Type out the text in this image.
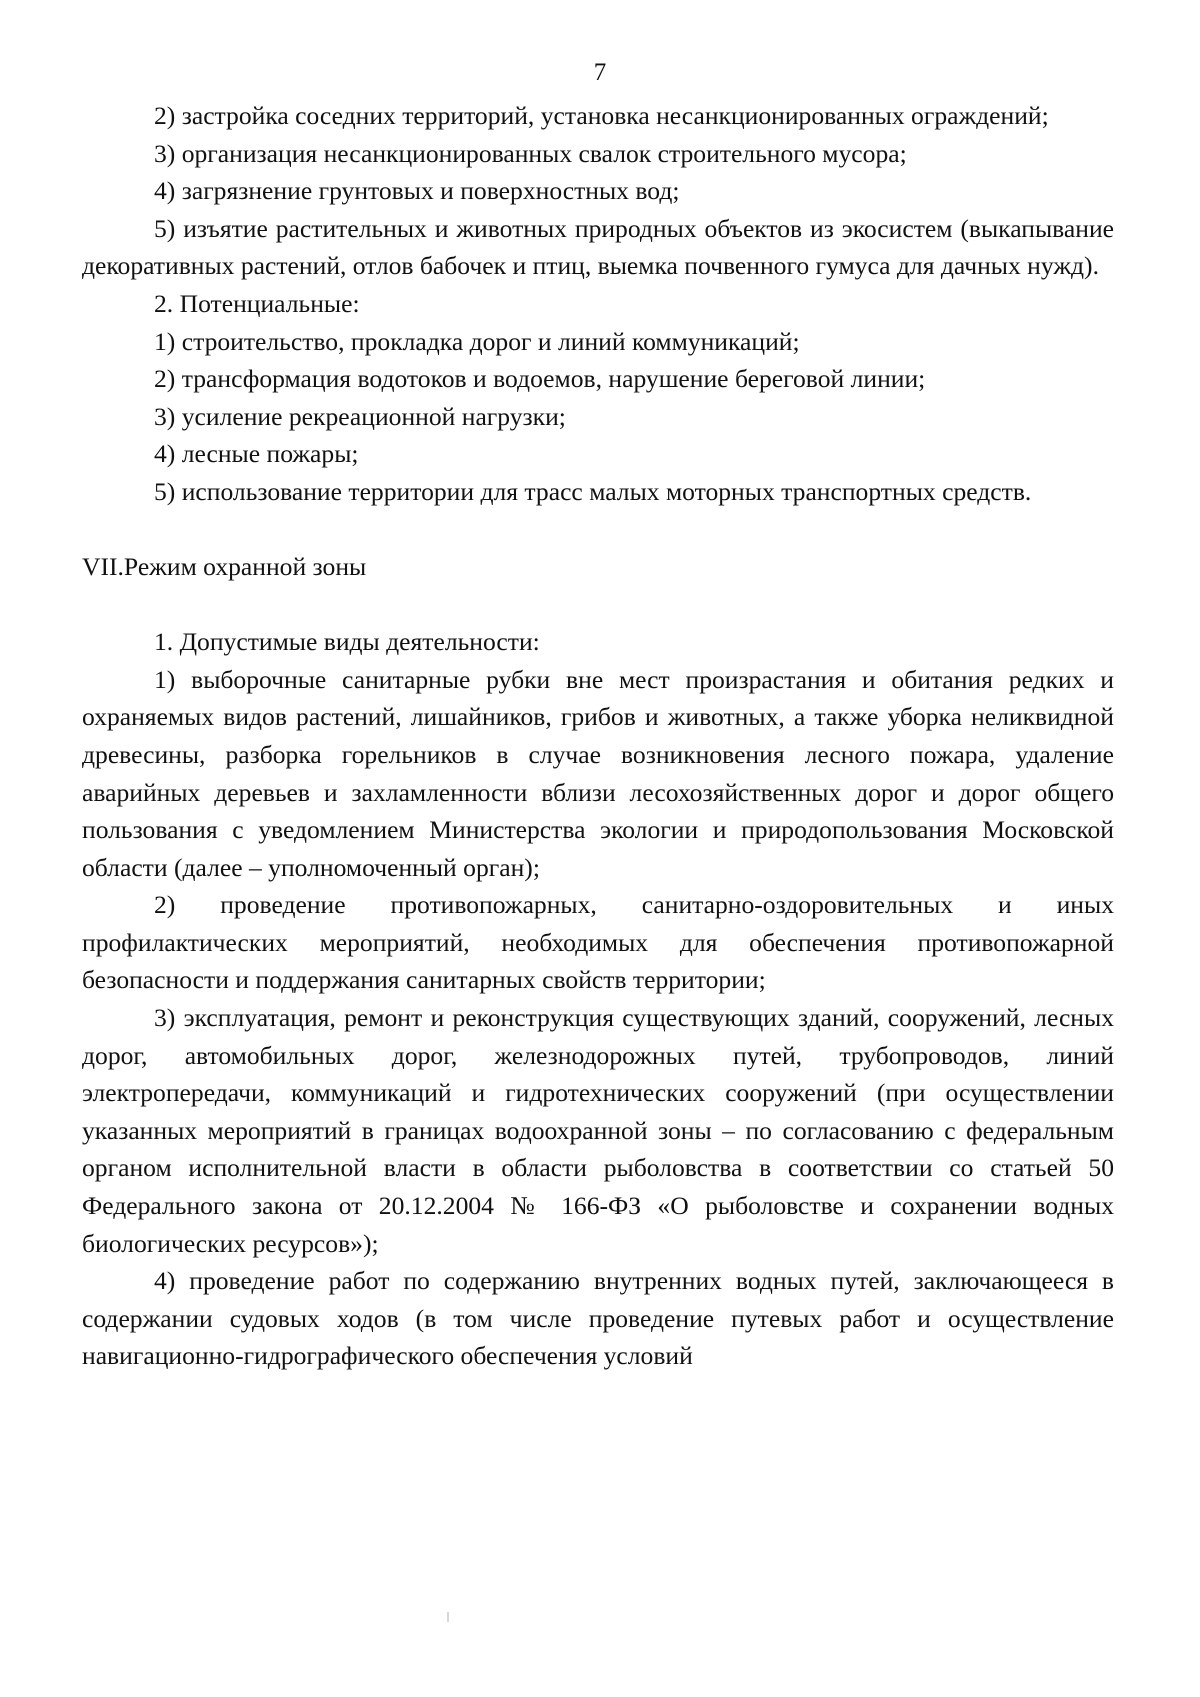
7

2) застройка соседних территорий, установка несанкционированных ограждений;

3) организация несанкционированных свалок строительного мусора;

4) загрязнение грунтовых и поверхностных вод;

5) изъятие растительных и животных природных объектов из экосистем (выкапывание декоративных растений, отлов бабочек и птиц, выемка почвенного гумуса для дачных нужд).

2. Потенциальные:

1) строительство, прокладка дорог и линий коммуникаций;

2) трансформация водотоков и водоемов, нарушение береговой линии;

3) усиление рекреационной нагрузки;

4) лесные пожары;

5) использование территории для трасс малых моторных транспортных средств.

VII.Режим охранной зоны

1. Допустимые виды деятельности:

1) выборочные санитарные рубки вне мест произрастания и обитания редких и охраняемых видов растений, лишайников, грибов и животных, а также уборка неликвидной древесины, разборка горельников в случае возникновения лесного пожара, удаление аварийных деревьев и захламленности вблизи лесохозяйственных дорог и дорог общего пользования с уведомлением Министерства экологии и природопользования Московской области (далее – уполномоченный орган);

2) проведение противопожарных, санитарно-оздоровительных и иных профилактических мероприятий, необходимых для обеспечения противопожарной безопасности и поддержания санитарных свойств территории;

3) эксплуатация, ремонт и реконструкция существующих зданий, сооружений, лесных дорог, автомобильных дорог, железнодорожных путей, трубопроводов, линий электропередачи, коммуникаций и гидротехнических сооружений (при осуществлении указанных мероприятий в границах водоохранной зоны – по согласованию с федеральным органом исполнительной власти в области рыболовства в соответствии со статьей 50 Федерального закона от 20.12.2004 № 166-ФЗ «О рыболовстве и сохранении водных биологических ресурсов»);

4) проведение работ по содержанию внутренних водных путей, заключающееся в содержании судовых ходов (в том числе проведение путевых работ и осуществление навигационно-гидрографического обеспечения условий
